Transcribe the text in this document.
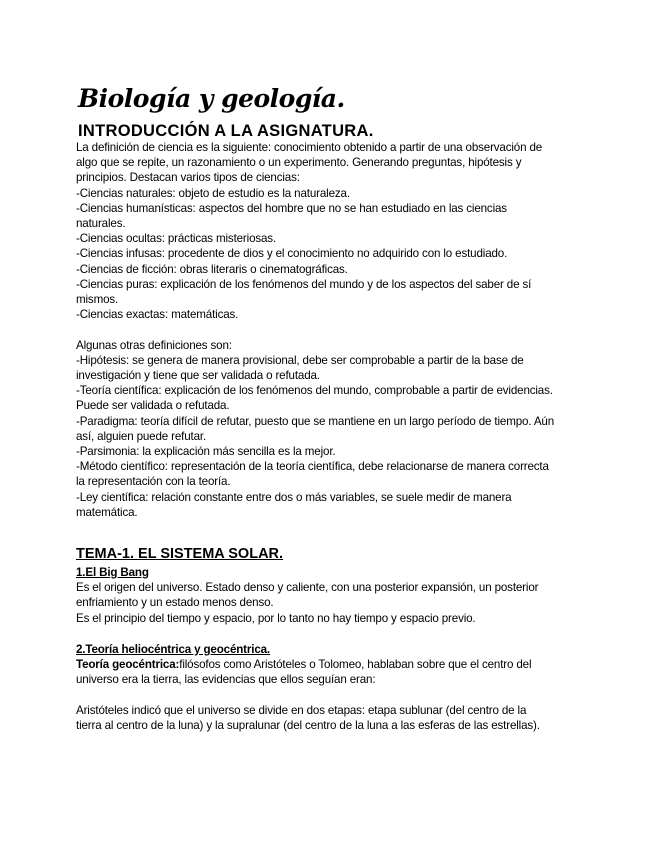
Biología y geología.
INTRODUCCIÓN A LA ASIGNATURA.

La definición de ciencia es la siguiente: conocimiento obtenido a partir de una observación de

algo que se repite, un razonamiento o un experimento. Generando preguntas, hipótesis y

principios. Destacan varios tipos de ciencias:

-Ciencias naturales: objeto de estudio es la naturaleza.

-Ciencias humanísticas: aspectos del hombre que no se han estudiado en las ciencias

naturales.

-Ciencias ocultas: prácticas misteriosas.

-Ciencias infusas: procedente de dios y el conocimiento no adquirido con lo estudiado.

-Ciencias de ficción: obras literaris o cinematográficas.

-Ciencias puras: explicación de los fenómenos del mundo y de los aspectos del saber de sí

mismos.

-Ciencias exactas: matemáticas.

Algunas otras definiciones son:

-Hipótesis: se genera de manera provisional, debe ser comprobable a partir de la base de

investigación y tiene que ser validada o refutada.

-Teoría científica: explicación de los fenómenos del mundo, comprobable a partir de evidencias.

Puede ser validada o refutada.

-Paradigma: teoría difícil de refutar, puesto que se mantiene en un largo período de tiempo. Aún

así, alguien puede refutar.

-Parsimonia: la explicación más sencilla es la mejor.

-Método científico: representación de la teoría científica, debe relacionarse de manera correcta

la representación con la teoría.

-Ley científica: relación constante entre dos o más variables, se suele medir de manera

matemática.

TEMA-1. EL SISTEMA SOLAR.

1.El Big Bang

Es el origen del universo. Estado denso y caliente, con una posterior expansión, un posterior

enfriamiento y un estado menos denso.

Es el principio del tiempo y espacio, por lo tanto no hay tiempo y espacio previo.

2.Teoría heliocéntrica y geocéntrica.

Teoría geocéntrica:filósofos como Aristóteles o Tolomeo, hablaban sobre que el centro del

universo era la tierra, las evidencias que ellos seguían eran:

Aristóteles indicó que el universo se divide en dos etapas: etapa sublunar (del centro de la

tierra al centro de la luna) y la supralunar (del centro de la luna a las esferas de las estrellas).
